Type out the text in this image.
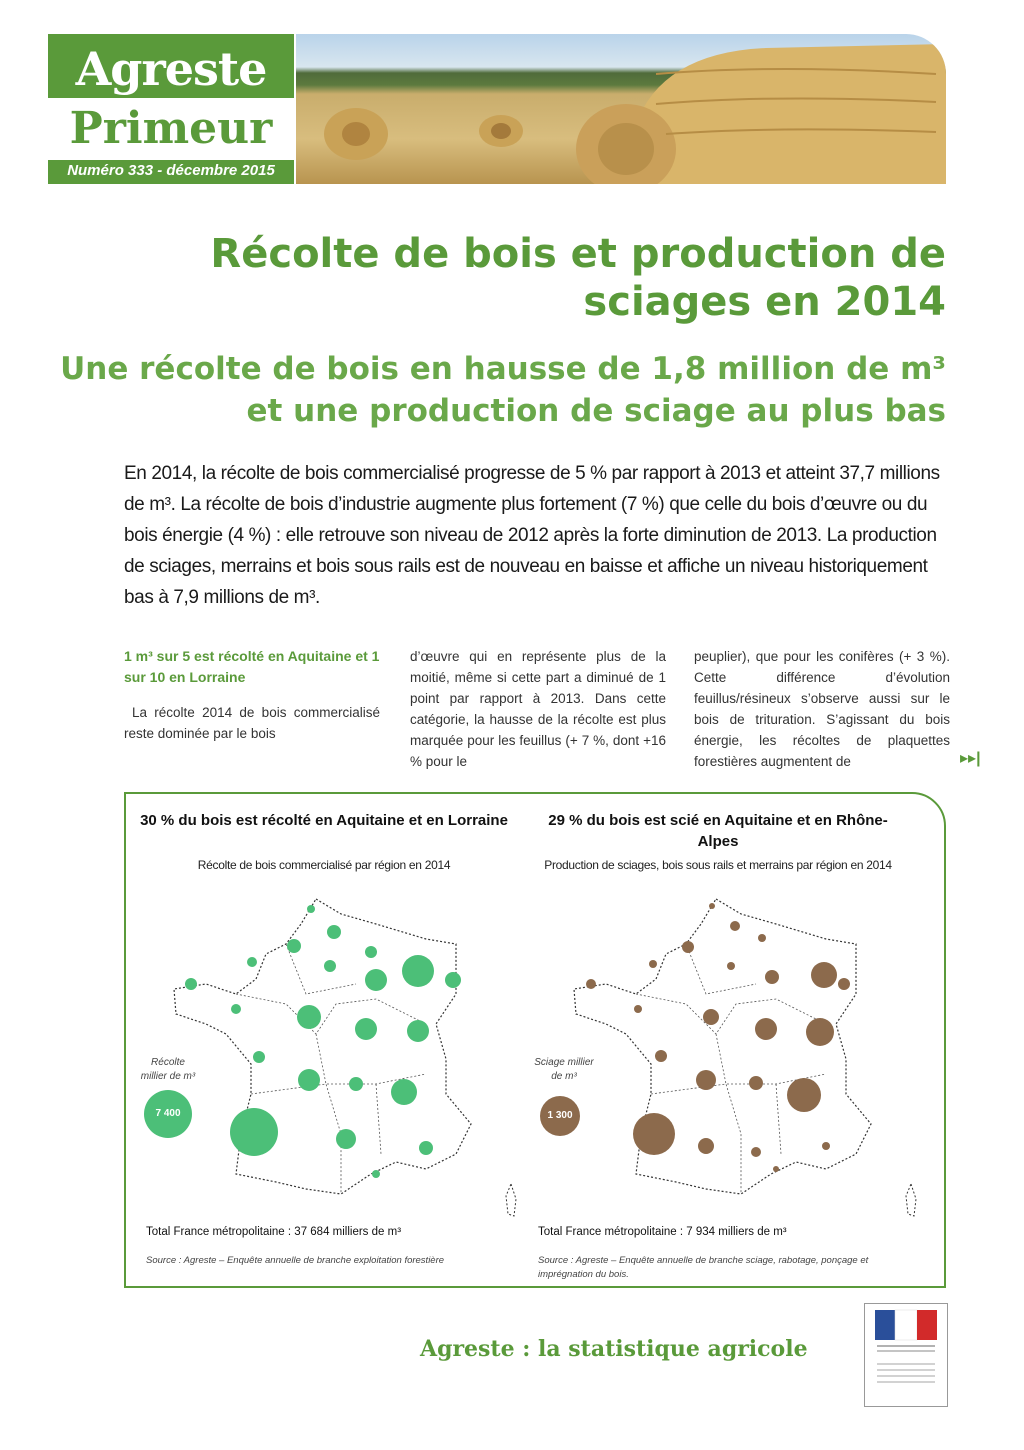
Agreste
Primeur
Numéro 333 - décembre 2015
Récolte de bois et production de sciages en 2014
Une récolte de bois en hausse de 1,8 million de m³ et une production de sciage au plus bas
En 2014, la récolte de bois commercialisé progresse de 5 % par rapport à 2013 et atteint 37,7 millions de m³. La récolte de bois d’industrie augmente plus fortement (7 %) que celle du bois d’œuvre ou du bois énergie (4 %) : elle retrouve son niveau de 2012 après la forte diminution de 2013. La production de sciages, merrains et bois sous rails est de nouveau en baisse et affiche un niveau historiquement bas à 7,9 millions de m³.
1 m³ sur 5 est récolté en Aquitaine et 1 sur 10 en Lorraine
La récolte 2014 de bois commercialisé reste dominée par le bois
d’œuvre qui en représente plus de la moitié, même si cette part a diminué de 1 point par rapport à 2013. Dans cette catégorie, la hausse de la récolte est plus marquée pour les feuillus (+ 7 %, dont +16 % pour le
peuplier), que pour les conifères (+ 3 %). Cette différence d’évolution feuillus/résineux s’observe aussi sur le bois de trituration. S’agissant du bois énergie, les récoltes de plaquettes forestières augmentent de	▸▸|
30 % du bois est récolté en Aquitaine et en Lorraine
Récolte de bois commercialisé par région en 2014
Récolte millier de m³
7 400
Total France métropolitaine : 37 684 milliers de m³
Source : Agreste – Enquête annuelle de branche exploitation forestière
29 % du bois est scié en Aquitaine et en Rhône-Alpes
Production de sciages, bois sous rails et merrains par région en 2014
Sciage millier de m³
1 300
Total France métropolitaine : 7 934 milliers de m³
Source : Agreste – Enquête annuelle de branche sciage, rabotage, ponçage et imprégnation du bois.
Agreste : la statistique agricole
